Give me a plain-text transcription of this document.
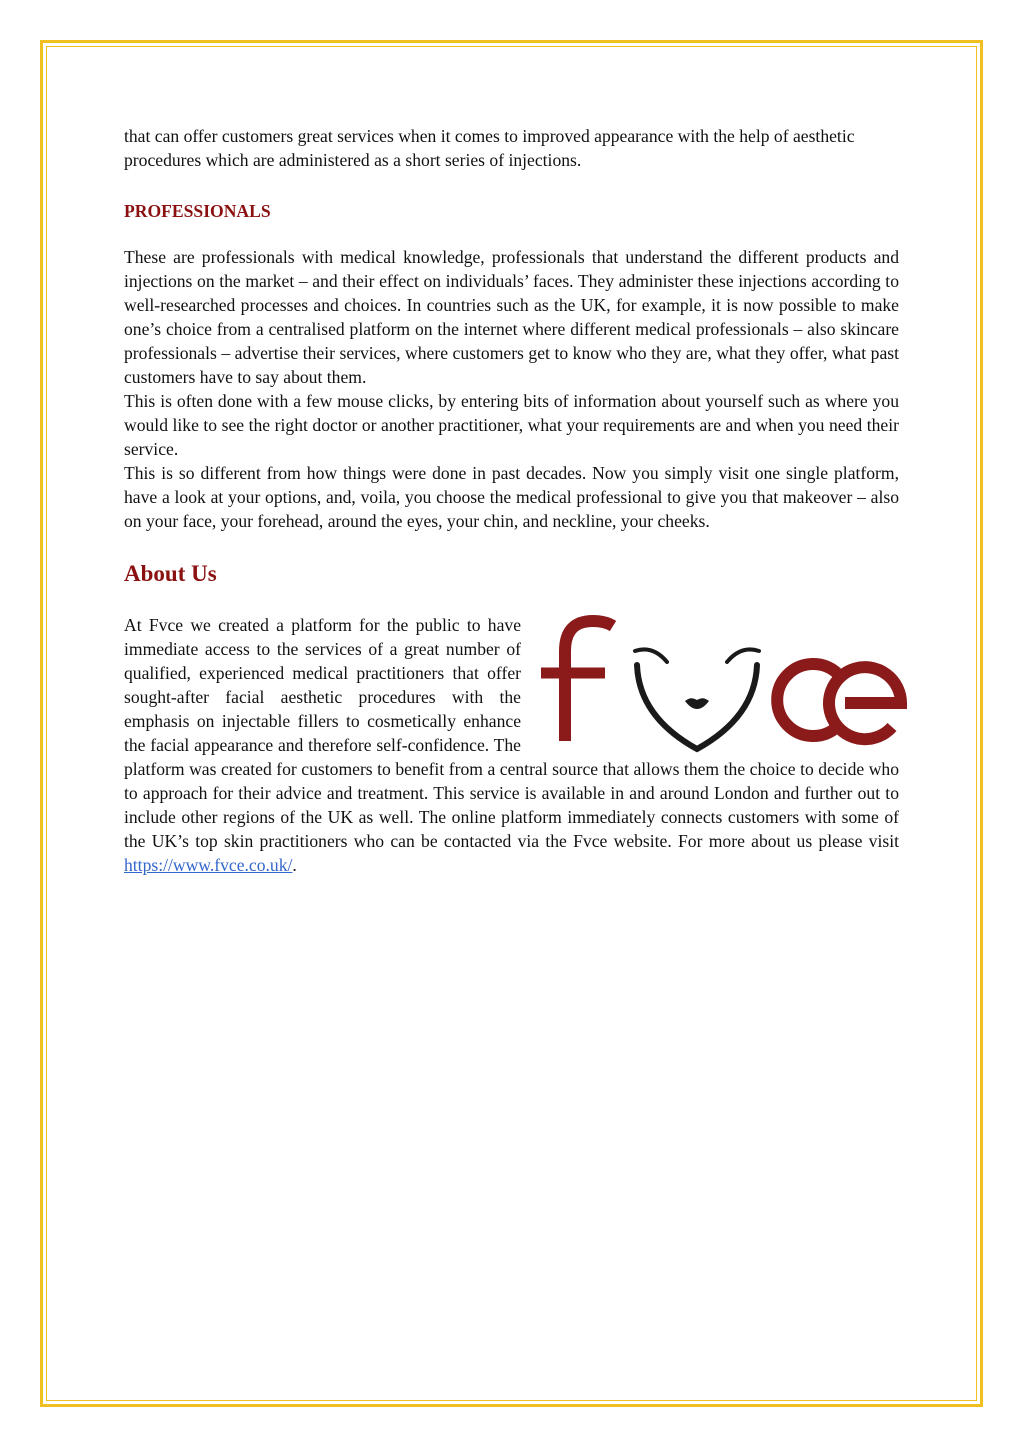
that can offer customers great services when it comes to improved appearance with the help of aesthetic procedures which are administered as a short series of injections.

PROFESSIONALS

These are professionals with medical knowledge, professionals that understand the different products and injections on the market – and their effect on individuals’ faces. They administer these injections according to well-researched processes and choices. In countries such as the UK, for example, it is now possible to make one’s choice from a centralised platform on the internet where different medical professionals – also skincare professionals – advertise their services, where customers get to know who they are, what they offer, what past customers have to say about them.

This is often done with a few mouse clicks, by entering bits of information about yourself such as where you would like to see the right doctor or another practitioner, what your requirements are and when you need their service.

This is so different from how things were done in past decades. Now you simply visit one single platform, have a look at your options, and, voila, you choose the medical professional to give you that makeover – also on your face, your forehead, around the eyes, your chin, and neckline, your cheeks.

About Us

At Fvce we created a platform for the public to have immediate access to the services of a great number of qualified, experienced medical practitioners that offer sought-after facial aesthetic procedures with the emphasis on injectable fillers to cosmetically enhance the facial appearance and therefore self-confidence. The platform was created for customers to benefit from a central source that allows them the choice to decide who to approach for their advice and treatment. This service is available in and around London and further out to include other regions of the UK as well. The online platform immediately connects customers with some of the UK’s top skin practitioners who can be contacted via the Fvce website. For more about us please visit https://www.fvce.co.uk/.
